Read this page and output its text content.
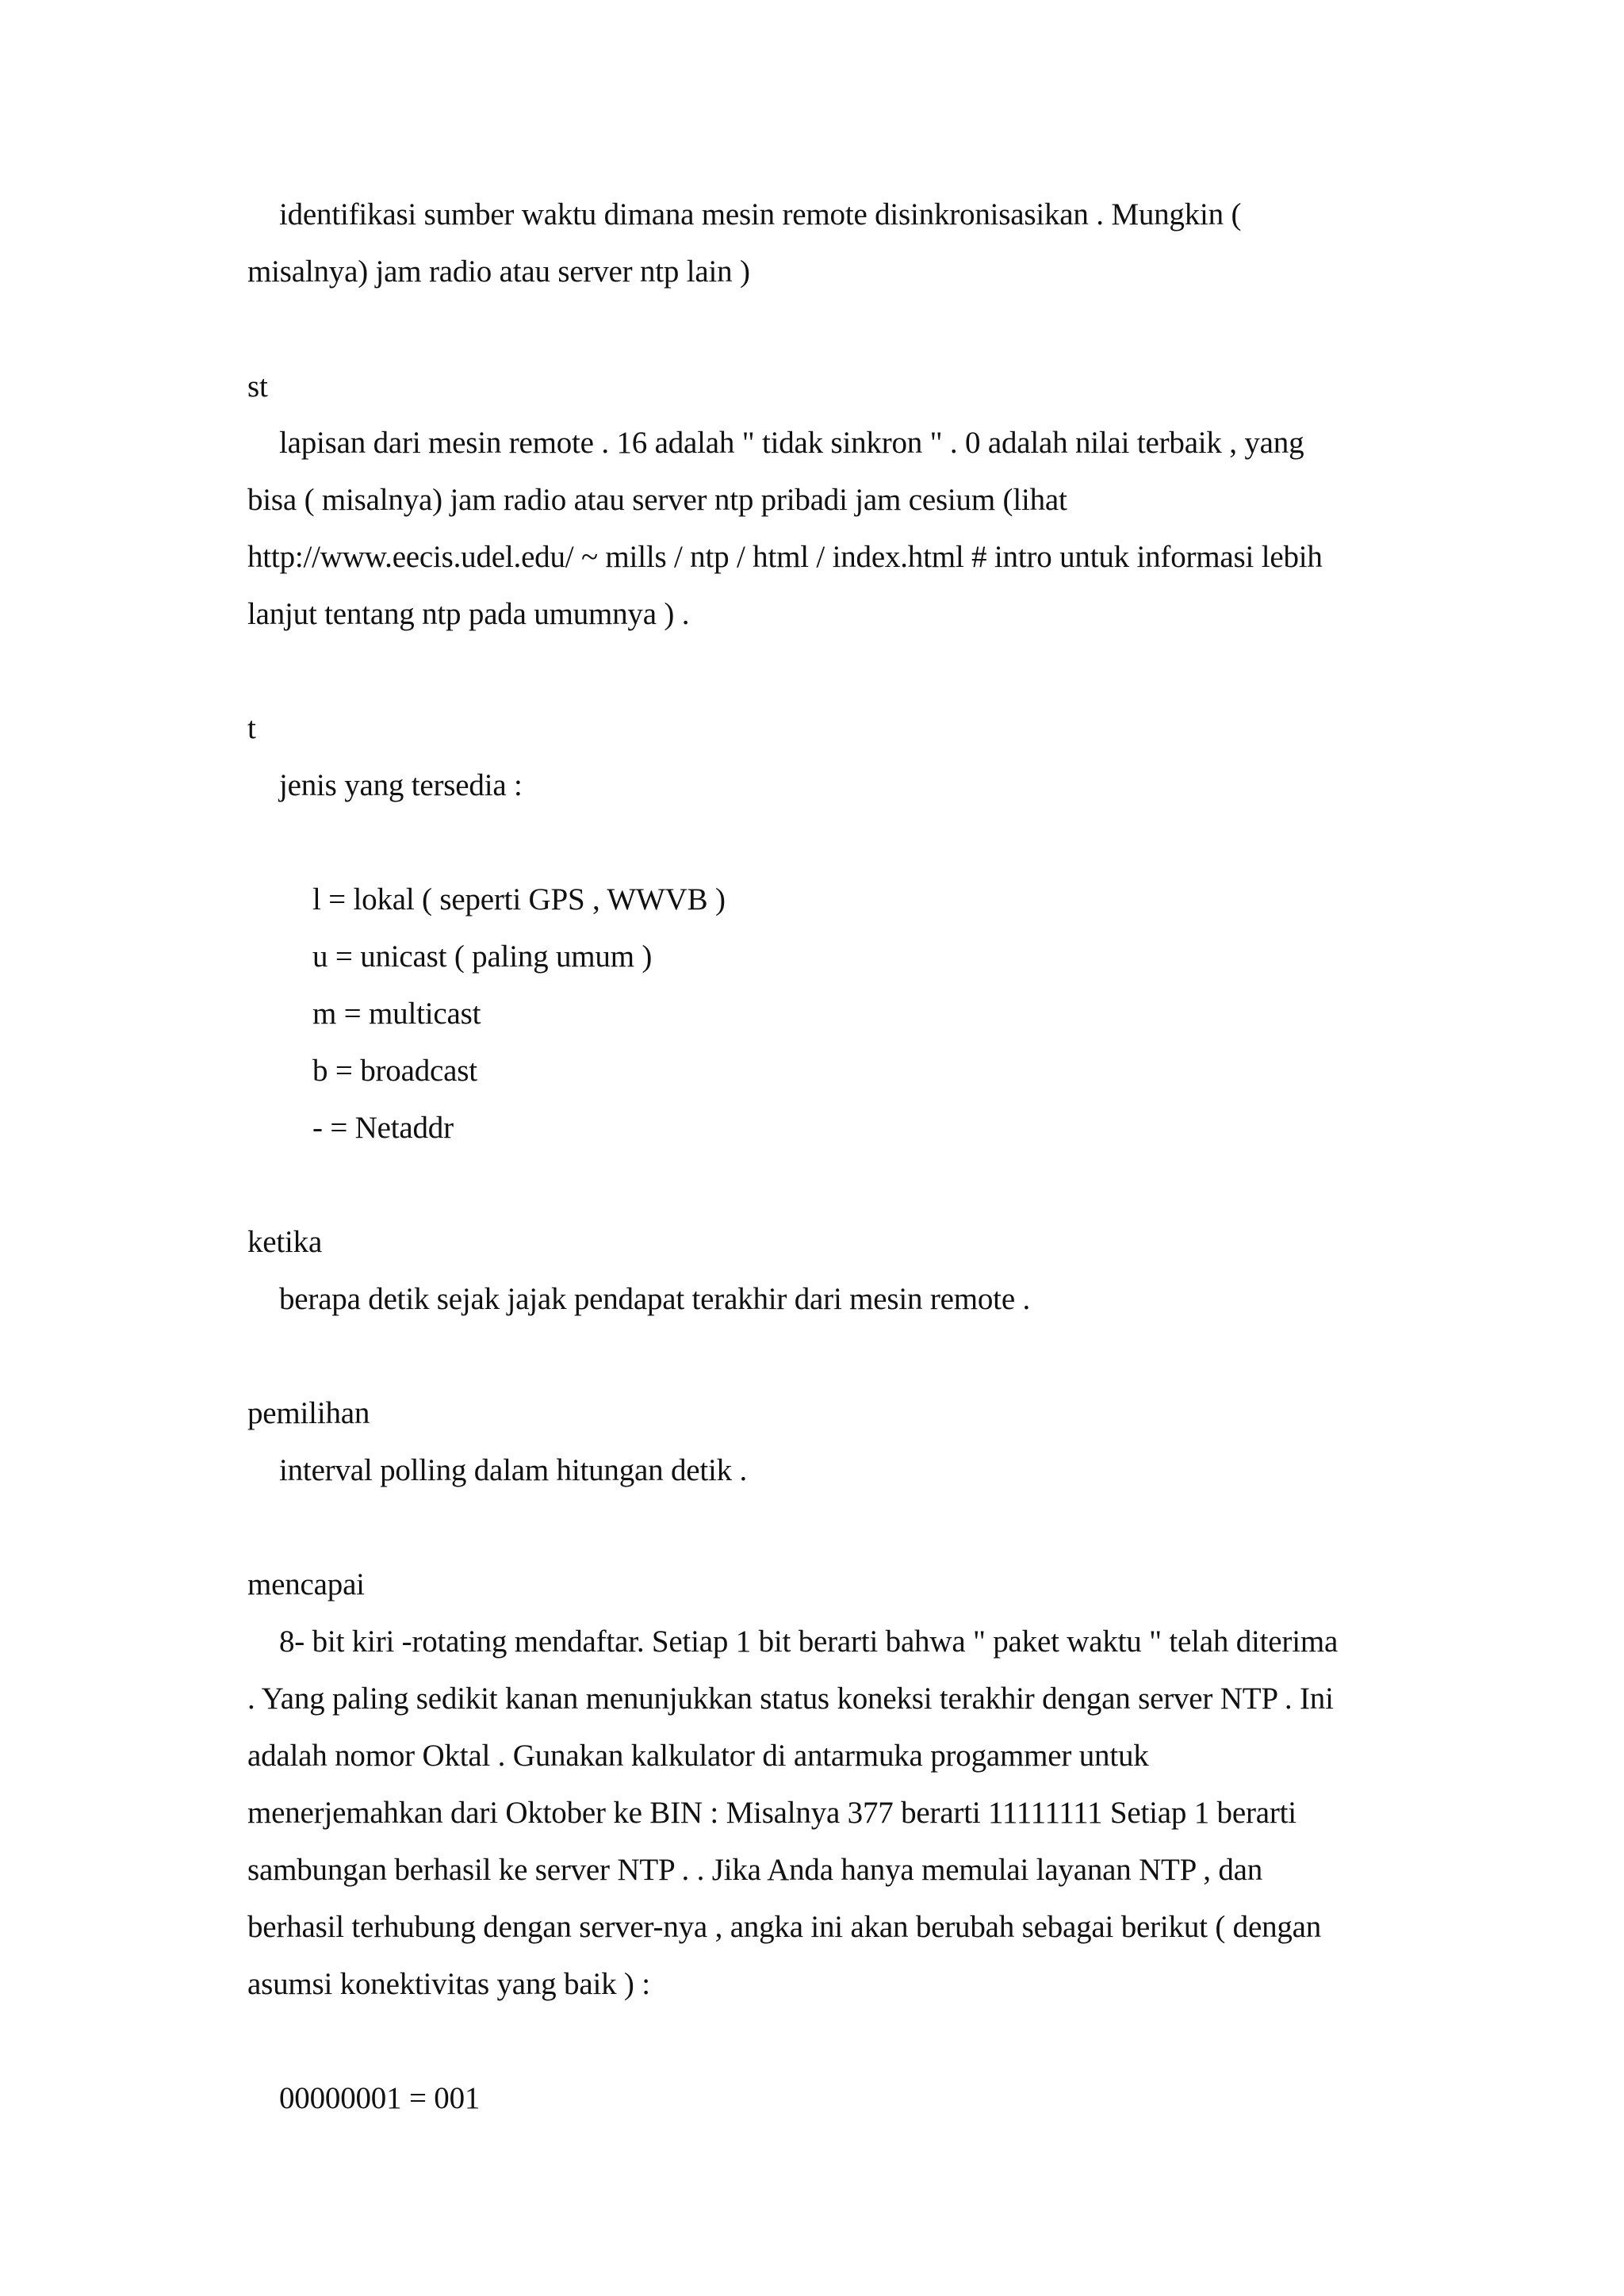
identifikasi sumber waktu dimana mesin remote disinkronisasikan . Mungkin (
misalnya) jam radio atau server ntp lain )
st
lapisan dari mesin remote . 16 adalah " tidak sinkron " . 0 adalah nilai terbaik , yang
bisa ( misalnya) jam radio atau server ntp pribadi jam cesium (lihat
http://www.eecis.udel.edu/ ~ mills / ntp / html / index.html # intro untuk informasi lebih
lanjut tentang ntp pada umumnya ) .
t
jenis yang tersedia :
l = lokal ( seperti GPS , WWVB )
u = unicast ( paling umum )
m = multicast
b = broadcast
- = Netaddr
ketika
berapa detik sejak jajak pendapat terakhir dari mesin remote .
pemilihan
interval polling dalam hitungan detik .
mencapai
8- bit kiri -rotating mendaftar. Setiap 1 bit berarti bahwa " paket waktu " telah diterima
. Yang paling sedikit kanan menunjukkan status koneksi terakhir dengan server NTP . Ini
adalah nomor Oktal . Gunakan kalkulator di antarmuka progammer untuk
menerjemahkan dari Oktober ke BIN : Misalnya 377 berarti 11111111 Setiap 1 berarti
sambungan berhasil ke server NTP . . Jika Anda hanya memulai layanan NTP , dan
berhasil terhubung dengan server-nya , angka ini akan berubah sebagai berikut ( dengan
asumsi konektivitas yang baik ) :
00000001 = 001
